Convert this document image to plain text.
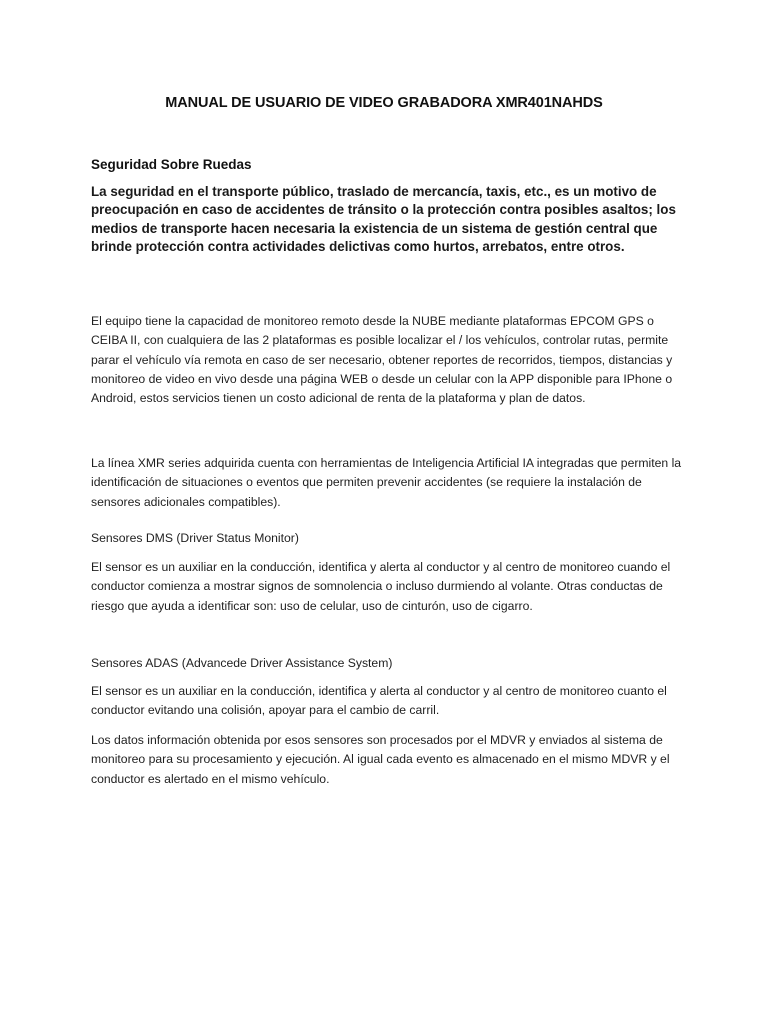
MANUAL DE USUARIO DE VIDEO GRABADORA XMR401NAHDS
Seguridad Sobre Ruedas

La seguridad en el transporte público, traslado de mercancía, taxis, etc., es un motivo de preocupación en caso de accidentes de tránsito o la protección contra posibles asaltos; los medios de transporte hacen necesaria la existencia de un sistema de gestión central que brinde protección contra actividades delictivas como hurtos, arrebatos, entre otros.

El equipo tiene la capacidad de monitoreo remoto desde la NUBE mediante plataformas EPCOM GPS o CEIBA II, con cualquiera de las 2 plataformas es posible localizar el / los vehículos, controlar rutas, permite parar el vehículo vía remota en caso de ser necesario, obtener reportes de recorridos, tiempos, distancias y monitoreo de video en vivo desde una página WEB o desde un celular con la APP disponible para IPhone o Android, estos servicios tienen un costo adicional de renta de la plataforma y plan de datos.

La línea XMR series adquirida cuenta con herramientas de Inteligencia Artificial IA integradas que permiten la identificación de situaciones o eventos que permiten prevenir accidentes (se requiere la instalación de sensores adicionales compatibles).

Sensores DMS (Driver Status Monitor)

El sensor es un auxiliar en la conducción, identifica y alerta al conductor y al centro de monitoreo cuando el conductor comienza a mostrar signos de somnolencia o incluso durmiendo al volante. Otras conductas de riesgo que ayuda a identificar son: uso de celular, uso de cinturón, uso de cigarro.

Sensores ADAS (Advancede Driver Assistance System)

El sensor es un auxiliar en la conducción, identifica y alerta al conductor y al centro de monitoreo cuanto el conductor evitando una colisión, apoyar para el cambio de carril.

Los datos información obtenida por esos sensores son procesados por el MDVR y enviados al sistema de monitoreo para su procesamiento y ejecución. Al igual cada evento es almacenado en el mismo MDVR y el conductor es alertado en el mismo vehículo.
